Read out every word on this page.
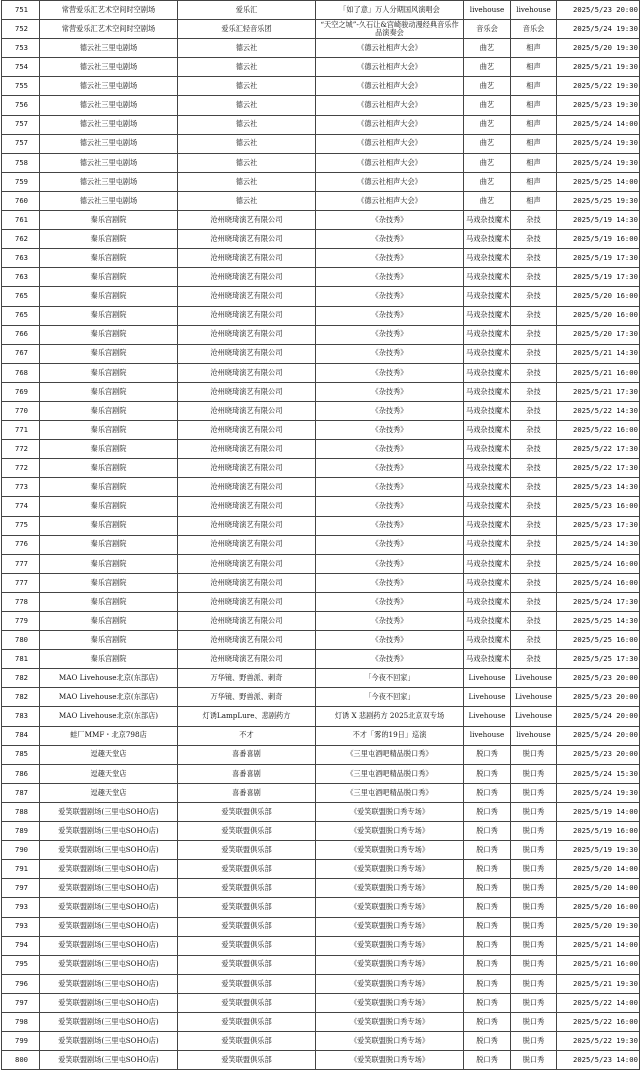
751	常营爱乐汇艺术空间时空剧场	爱乐汇	「如了意」万人分期国风演唱会	livehouse	livehouse	2025/5/23 20:00
752	常营爱乐汇艺术空间时空剧场	爱乐汇轻音乐团	“天空之城”-久石让&宫崎骏动漫经典音乐作品演奏会	音乐会	音乐会	2025/5/24 19:30
753	德云社三里屯剧场	德云社	《德云社相声大会》	曲艺	相声	2025/5/20 19:30
754	德云社三里屯剧场	德云社	《德云社相声大会》	曲艺	相声	2025/5/21 19:30
755	德云社三里屯剧场	德云社	《德云社相声大会》	曲艺	相声	2025/5/22 19:30
756	德云社三里屯剧场	德云社	《德云社相声大会》	曲艺	相声	2025/5/23 19:30
757	德云社三里屯剧场	德云社	《德云社相声大会》	曲艺	相声	2025/5/24 14:00
757	德云社三里屯剧场	德云社	《德云社相声大会》	曲艺	相声	2025/5/24 19:30
758	德云社三里屯剧场	德云社	《德云社相声大会》	曲艺	相声	2025/5/24 19:30
759	德云社三里屯剧场	德云社	《德云社相声大会》	曲艺	相声	2025/5/25 14:00
760	德云社三里屯剧场	德云社	《德云社相声大会》	曲艺	相声	2025/5/25 19:30
761	秦乐宫剧院	沧州晓琦演艺有限公司	《杂技秀》	马戏杂技魔术	杂技	2025/5/19 14:30
762	秦乐宫剧院	沧州晓琦演艺有限公司	《杂技秀》	马戏杂技魔术	杂技	2025/5/19 16:00
763	秦乐宫剧院	沧州晓琦演艺有限公司	《杂技秀》	马戏杂技魔术	杂技	2025/5/19 17:30
763	秦乐宫剧院	沧州晓琦演艺有限公司	《杂技秀》	马戏杂技魔术	杂技	2025/5/19 17:30
765	秦乐宫剧院	沧州晓琦演艺有限公司	《杂技秀》	马戏杂技魔术	杂技	2025/5/20 16:00
765	秦乐宫剧院	沧州晓琦演艺有限公司	《杂技秀》	马戏杂技魔术	杂技	2025/5/20 16:00
766	秦乐宫剧院	沧州晓琦演艺有限公司	《杂技秀》	马戏杂技魔术	杂技	2025/5/20 17:30
767	秦乐宫剧院	沧州晓琦演艺有限公司	《杂技秀》	马戏杂技魔术	杂技	2025/5/21 14:30
768	秦乐宫剧院	沧州晓琦演艺有限公司	《杂技秀》	马戏杂技魔术	杂技	2025/5/21 16:00
769	秦乐宫剧院	沧州晓琦演艺有限公司	《杂技秀》	马戏杂技魔术	杂技	2025/5/21 17:30
770	秦乐宫剧院	沧州晓琦演艺有限公司	《杂技秀》	马戏杂技魔术	杂技	2025/5/22 14:30
771	秦乐宫剧院	沧州晓琦演艺有限公司	《杂技秀》	马戏杂技魔术	杂技	2025/5/22 16:00
772	秦乐宫剧院	沧州晓琦演艺有限公司	《杂技秀》	马戏杂技魔术	杂技	2025/5/22 17:30
772	秦乐宫剧院	沧州晓琦演艺有限公司	《杂技秀》	马戏杂技魔术	杂技	2025/5/22 17:30
773	秦乐宫剧院	沧州晓琦演艺有限公司	《杂技秀》	马戏杂技魔术	杂技	2025/5/23 14:30
774	秦乐宫剧院	沧州晓琦演艺有限公司	《杂技秀》	马戏杂技魔术	杂技	2025/5/23 16:00
775	秦乐宫剧院	沧州晓琦演艺有限公司	《杂技秀》	马戏杂技魔术	杂技	2025/5/23 17:30
776	秦乐宫剧院	沧州晓琦演艺有限公司	《杂技秀》	马戏杂技魔术	杂技	2025/5/24 14:30
777	秦乐宫剧院	沧州晓琦演艺有限公司	《杂技秀》	马戏杂技魔术	杂技	2025/5/24 16:00
777	秦乐宫剧院	沧州晓琦演艺有限公司	《杂技秀》	马戏杂技魔术	杂技	2025/5/24 16:00
778	秦乐宫剧院	沧州晓琦演艺有限公司	《杂技秀》	马戏杂技魔术	杂技	2025/5/24 17:30
779	秦乐宫剧院	沧州晓琦演艺有限公司	《杂技秀》	马戏杂技魔术	杂技	2025/5/25 14:30
780	秦乐宫剧院	沧州晓琦演艺有限公司	《杂技秀》	马戏杂技魔术	杂技	2025/5/25 16:00
781	秦乐宫剧院	沧州晓琦演艺有限公司	《杂技秀》	马戏杂技魔术	杂技	2025/5/25 17:30
782	MAO Livehouse北京(东部店)	万华镜、野兽派、刺奇	「今夜不回家」	Livehouse	Livehouse	2025/5/23 20:00
782	MAO Livehouse北京(东部店)	万华镜、野兽派、刺奇	「今夜不回家」	Livehouse	Livehouse	2025/5/23 20:00
783	MAO Livehouse北京(东部店)	灯诱LampLure、悲剧药方	灯诱 X 悲剧药方 2025北京双专场	Livehouse	Livehouse	2025/5/24 20:00
784	蛙厂MMF・北京798店	不才	不才「雾的19日」巡演	livehouse	livehouse	2025/5/24 20:00
785	逗趣天堂店	喜番喜剧	《三里屯酒吧精品脱口秀》	脱口秀	脱口秀	2025/5/23 20:00
786	逗趣天堂店	喜番喜剧	《三里屯酒吧精品脱口秀》	脱口秀	脱口秀	2025/5/24 15:30
787	逗趣天堂店	喜番喜剧	《三里屯酒吧精品脱口秀》	脱口秀	脱口秀	2025/5/24 19:30
788	爱笑联盟剧场(三里屯SOHO店)	爱笑联盟俱乐部	《爱笑联盟脱口秀专场》	脱口秀	脱口秀	2025/5/19 14:00
789	爱笑联盟剧场(三里屯SOHO店)	爱笑联盟俱乐部	《爱笑联盟脱口秀专场》	脱口秀	脱口秀	2025/5/19 16:00
790	爱笑联盟剧场(三里屯SOHO店)	爱笑联盟俱乐部	《爱笑联盟脱口秀专场》	脱口秀	脱口秀	2025/5/19 19:30
791	爱笑联盟剧场(三里屯SOHO店)	爱笑联盟俱乐部	《爱笑联盟脱口秀专场》	脱口秀	脱口秀	2025/5/20 14:00
797	爱笑联盟剧场(三里屯SOHO店)	爱笑联盟俱乐部	《爱笑联盟脱口秀专场》	脱口秀	脱口秀	2025/5/20 14:00
793	爱笑联盟剧场(三里屯SOHO店)	爱笑联盟俱乐部	《爱笑联盟脱口秀专场》	脱口秀	脱口秀	2025/5/20 16:00
793	爱笑联盟剧场(三里屯SOHO店)	爱笑联盟俱乐部	《爱笑联盟脱口秀专场》	脱口秀	脱口秀	2025/5/20 19:30
794	爱笑联盟剧场(三里屯SOHO店)	爱笑联盟俱乐部	《爱笑联盟脱口秀专场》	脱口秀	脱口秀	2025/5/21 14:00
795	爱笑联盟剧场(三里屯SOHO店)	爱笑联盟俱乐部	《爱笑联盟脱口秀专场》	脱口秀	脱口秀	2025/5/21 16:00
796	爱笑联盟剧场(三里屯SOHO店)	爱笑联盟俱乐部	《爱笑联盟脱口秀专场》	脱口秀	脱口秀	2025/5/21 19:30
797	爱笑联盟剧场(三里屯SOHO店)	爱笑联盟俱乐部	《爱笑联盟脱口秀专场》	脱口秀	脱口秀	2025/5/22 14:00
798	爱笑联盟剧场(三里屯SOHO店)	爱笑联盟俱乐部	《爱笑联盟脱口秀专场》	脱口秀	脱口秀	2025/5/22 16:00
799	爱笑联盟剧场(三里屯SOHO店)	爱笑联盟俱乐部	《爱笑联盟脱口秀专场》	脱口秀	脱口秀	2025/5/22 19:30
800	爱笑联盟剧场(三里屯SOHO店)	爱笑联盟俱乐部	《爱笑联盟脱口秀专场》	脱口秀	脱口秀	2025/5/23 14:00
